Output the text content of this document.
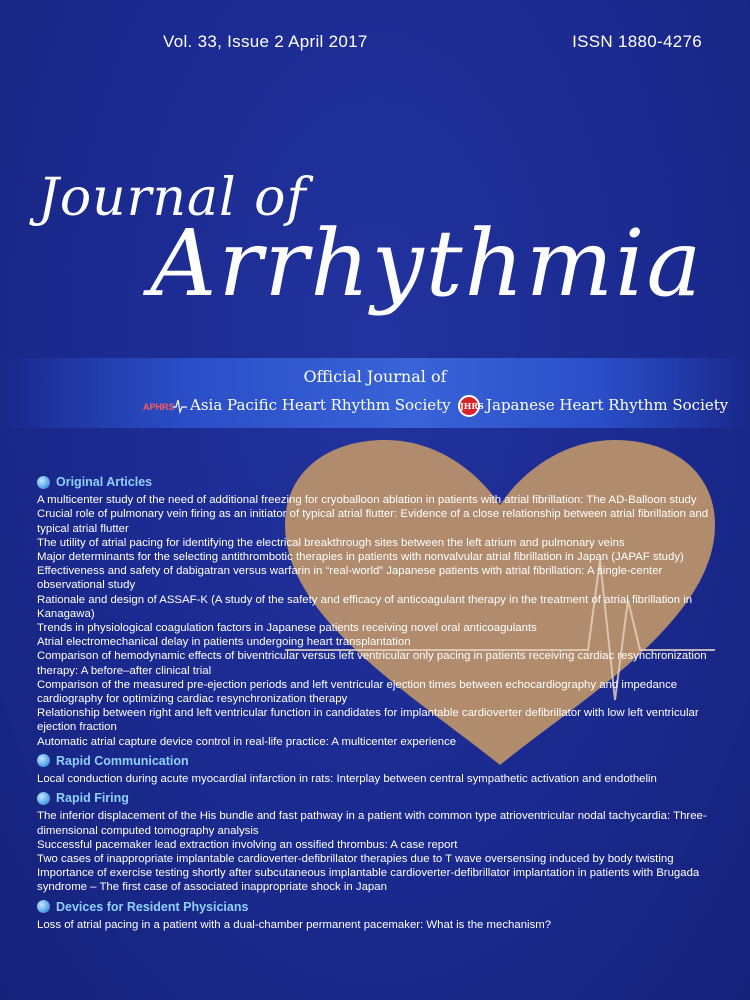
Vol. 33, Issue 2 April 2017	ISSN 1880-4276
Journal of
Arrhythmia
Official Journal of
APHRS Asia Pacific Heart Rhythm Society JHRS Japanese Heart Rhythm Society
Original Articles
A multicenter study of the need of additional freezing for cryoballoon ablation in patients with atrial fibrillation: The AD-Balloon study
Crucial role of pulmonary vein firing as an initiator of typical atrial flutter: Evidence of a close relationship between atrial fibrillation and typical atrial flutter
The utility of atrial pacing for identifying the electrical breakthrough sites between the left atrium and pulmonary veins
Major determinants for the selecting antithrombotic therapies in patients with nonvalvular atrial fibrillation in Japan (JAPAF study)
Effectiveness and safety of dabigatran versus warfarin in “real-world” Japanese patients with atrial fibrillation: A single-center observational study
Rationale and design of ASSAF-K (A study of the safety and efficacy of anticoagulant therapy in the treatment of atrial fibrillation in Kanagawa)
Trends in physiological coagulation factors in Japanese patients receiving novel oral anticoagulants
Atrial electromechanical delay in patients undergoing heart transplantation
Comparison of hemodynamic effects of biventricular versus left ventricular only pacing in patients receiving cardiac resynchronization therapy: A before–after clinical trial
Comparison of the measured pre-ejection periods and left ventricular ejection times between echocardiography and impedance cardiography for optimizing cardiac resynchronization therapy
Relationship between right and left ventricular function in candidates for implantable cardioverter defibrillator with low left ventricular ejection fraction
Automatic atrial capture device control in real-life practice: A multicenter experience
Rapid Communication
Local conduction during acute myocardial infarction in rats: Interplay between central sympathetic activation and endothelin
Rapid Firing
The inferior displacement of the His bundle and fast pathway in a patient with common type atrioventricular nodal tachycardia: Three-dimensional computed tomography analysis
Successful pacemaker lead extraction involving an ossified thrombus: A case report
Two cases of inappropriate implantable cardioverter-defibrillator therapies due to T wave oversensing induced by body twisting
Importance of exercise testing shortly after subcutaneous implantable cardioverter-defibrillator implantation in patients with Brugada syndrome – The first case of associated inappropriate shock in Japan
Devices for Resident Physicians
Loss of atrial pacing in a patient with a dual-chamber permanent pacemaker: What is the mechanism?
